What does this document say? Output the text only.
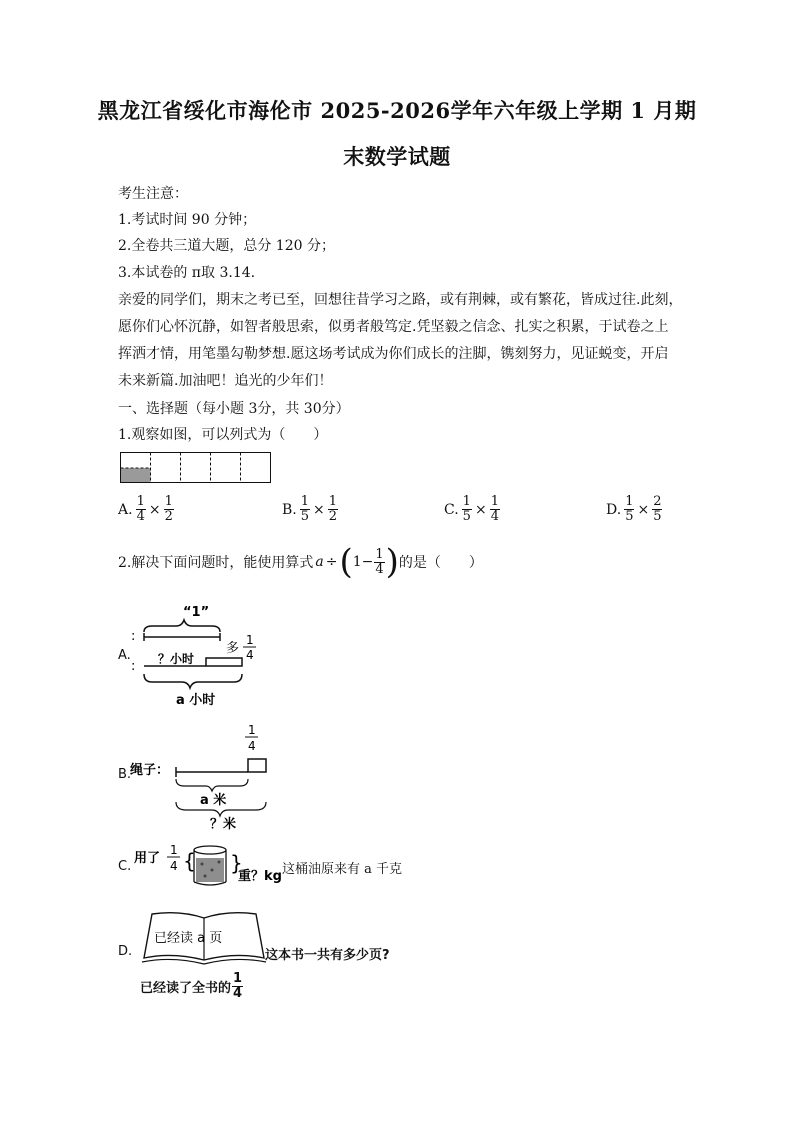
黑龙江省绥化市海伦市 2025-2026学年六年级上学期 1 月期
末数学试题
考生注意：
1.考试时间 90 分钟；
2.全卷共三道大题，总分 120 分；
3.本试卷的 π取 3.14.
亲爱的同学们，期末之考已至，回想往昔学习之路，或有荆棘，或有繁花，皆成过往.此刻，
愿你们心怀沉静，如智者般思索，似勇者般笃定.凭坚毅之信念、扎实之积累，于试卷之上
挥洒才情，用笔墨勾勒梦想.愿这场考试成为你们成长的注脚，镌刻努力，见证蜕变，开启
未来新篇.加油吧！追光的少年们！
一、选择题（每小题 3分，共 30分）
1.观察如图，可以列式为（　　）
A. $\frac{1}{4} \times \frac{1}{2}$	B. $\frac{1}{5} \times \frac{1}{2}$	C. $\frac{1}{5} \times \frac{1}{4}$	D. $\frac{1}{5} \times \frac{2}{5}$
2.解决下面问题时，能使用算式 a ÷ ( $1- \frac{1}{4}$ ) 的是（　　）
A.
“1”
:
多
1
4
: ？小时
a 小时
B.
1
4
绳子：
a 米
？米
C.
用了
1
4 { }
重？kg 这桶油原来有 a 千克
D.
已经读 a 页
这本书一共有多少页?
已经读了全书的 $\frac{1}{4}$
